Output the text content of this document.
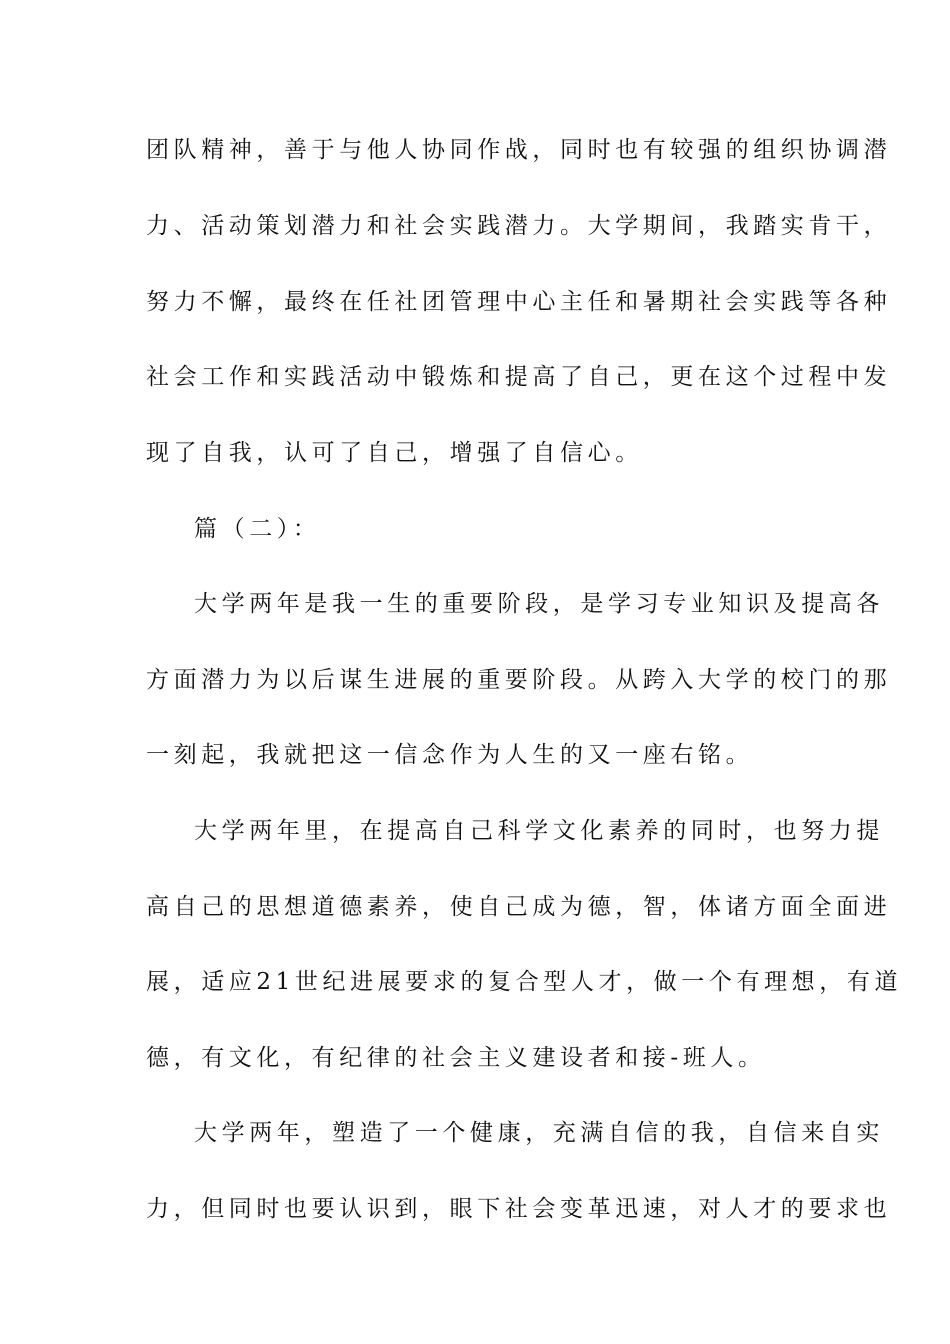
团队精神，善于与他人协同作战，同时也有较强的组织协调潜
力、活动策划潜力和社会实践潜力。大学期间，我踏实肯干，
努力不懈，最终在任社团管理中心主任和暑期社会实践等各种
社会工作和实践活动中锻炼和提高了自己，更在这个过程中发
现了自我，认可了自己，增强了自信心。
篇（二）：
大学两年是我一生的重要阶段，是学习专业知识及提高各
方面潜力为以后谋生进展的重要阶段。从跨入大学的校门的那
一刻起，我就把这一信念作为人生的又一座右铭。
大学两年里，在提高自己科学文化素养的同时，也努力提
高自己的思想道德素养，使自己成为德，智，体诸方面全面进
展，适应21世纪进展要求的复合型人才，做一个有理想，有道
德，有文化，有纪律的社会主义建设者和接-班人。
大学两年，塑造了一个健康，充满自信的我，自信来自实
力，但同时也要认识到，眼下社会变革迅速，对人才的要求也
